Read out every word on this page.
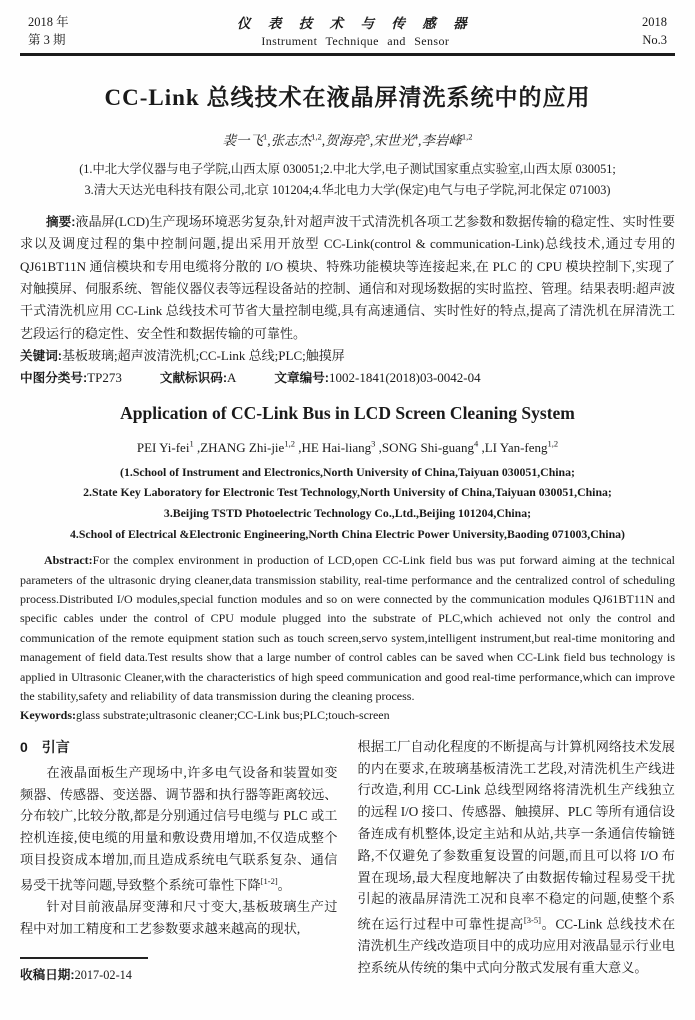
2018 年
第 3 期
仪 表 技 术 与 传 感 器
Instrument Technique and Sensor
2018
No.3
CC-Link 总线技术在液晶屏清洗系统中的应用
裴一飞$^1$,张志杰$^{1,2}$,贺海亮$^3$,宋世光$^4$,李岩峰$^{1,2}$
(1.中北大学仪器与电子学院,山西太原 030051;2.中北大学,电子测试国家重点实验室,山西太原 030051;
3.清大天达光电科技有限公司,北京 101204;4.华北电力大学(保定)电气与电子学院,河北保定 071003)

摘要:液晶屏(LCD)生产现场环境恶劣复杂,针对超声波干式清洗机各项工艺参数和数据传输的稳定性、实时性要求以及调度过程的集中控制问题,提出采用开放型 CC-Link(control & communication-Link)总线技术,通过专用的 QJ61BT11N 通信模块和专用电缆将分散的 I/O 模块、特殊功能模块等连接起来,在 PLC 的 CPU 模块控制下,实现了对触摸屏、伺服系统、智能仪器仪表等远程设备站的控制、通信和对现场数据的实时监控、管理。结果表明:超声波干式清洗机应用 CC-Link 总线技术可节省大量控制电缆,具有高速通信、实时性好的特点,提高了清洗机在屏清洗工艺段运行的稳定性、安全性和数据传输的可靠性。

关键词:基板玻璃;超声波清洗机;CC-Link 总线;PLC;触摸屏

中图分类号:TP273	文献标识码:A	文章编号:1002-1841(2018)03-0042-04

Application of CC-Link Bus in LCD Screen Cleaning System
PEI Yi-fei$^1$ ,ZHANG Zhi-jie$^{1,2}$ ,HE Hai-liang$^3$ ,SONG Shi-guang$^4$ ,LI Yan-feng$^{1,2}$
(1.School of Instrument and Electronics,North University of China,Taiyuan 030051,China;
2.State Key Laboratory for Electronic Test Technology,North University of China,Taiyuan 030051,China;
3.Beijing TSTD Photoelectric Technology Co.,Ltd.,Beijing 101204,China;
4.School of Electrical &Electronic Engineering,North China Electric Power University,Baoding 071003,China)

Abstract:For the complex environment in production of LCD,open CC-Link field bus was put forward aiming at the technical parameters of the ultrasonic drying cleaner,data transmission stability, real-time performance and the centralized control of scheduling process.Distributed I/O modules,special function modules and so on were connected by the communication modules QJ61BT11N and specific cables under the control of CPU module plugged into the substrate of PLC,which achieved not only the control and communication of the remote equipment station such as touch screen,servo system,intelligent instrument,but real-time monitoring and management of field data.Test results show that a large number of control cables can be saved when CC-Link field bus technology is applied in Ultrasonic Cleaner,with the characteristics of high speed communication and good real-time performance,which can improve the stability,safety and reliability of data transmission during the cleaning process.

Keywords:glass substrate;ultrasonic cleaner;CC-Link bus;PLC;touch-screen

0 引言

在液晶面板生产现场中,许多电气设备和装置如变频器、传感器、变送器、调节器和执行器等距离较远、分布较广,比较分散,都是分别通过信号电缆与 PLC 或工控机连接,使电缆的用量和敷设费用增加,不仅造成整个项目投资成本增加,而且造成系统电气联系复杂、通信易受干扰等问题,导致整个系统可靠性下降[1-2]。

针对目前液晶屏变薄和尺寸变大,基板玻璃生产过程中对加工精度和工艺参数要求越来越高的现状,

收稿日期:2017-02-14

根据工厂自动化程度的不断提高与计算机网络技术发展的内在要求,在玻璃基板清洗工艺段,对清洗机生产线进行改造,利用 CC-Link 总线型网络将清洗机生产线独立的远程 I/O 接口、传感器、触摸屏、PLC 等所有通信设备连成有机整体,设定主站和从站,共享一条通信传输链路,不仅避免了参数重复设置的问题,而且可以将 I/O 布置在现场,最大程度地解决了由数据传输过程易受干扰引起的液晶屏清洗工况和良率不稳定的问题,使整个系统在运行过程中可靠性提高[3-5]。CC-Link 总线技术在清洗机生产线改造项目中的成功应用对液晶显示行业电控系统从传统的集中式向分散式发展有重大意义。
